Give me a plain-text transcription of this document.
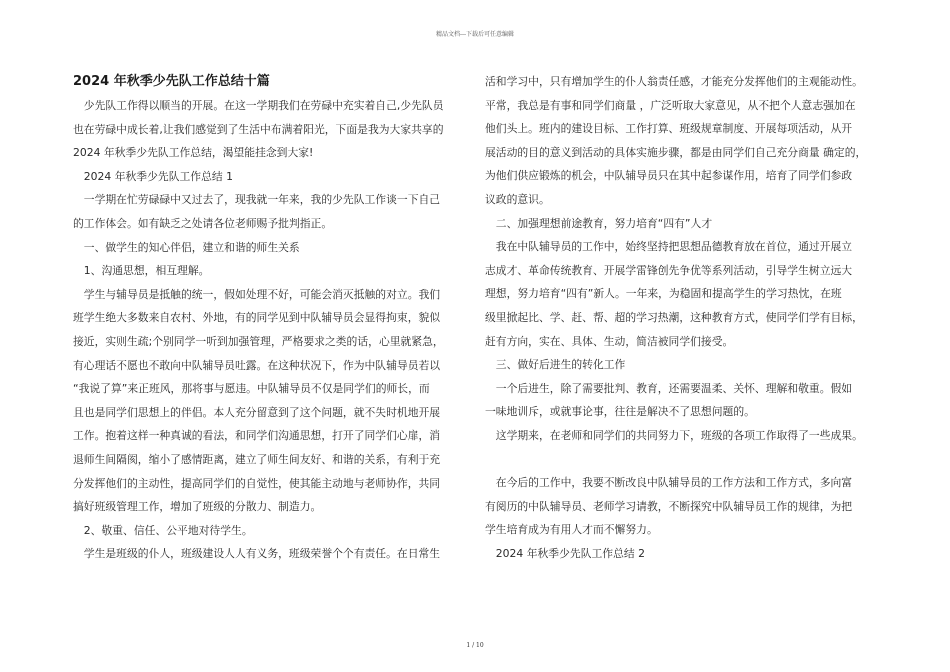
精品文档---下载后可任意编辑
2024 年秋季少先队工作总结十篇
　少先队工作得以顺当的开展。在这一学期我们在劳碌中充实着自己,少先队员
也在劳碌中成长着,让我们感觉到了生活中布满着阳光，下面是我为大家共享的
2024 年秋季少先队工作总结，渴望能挂念到大家!
　2024 年秋季少先队工作总结 1
　一学期在忙劳碌碌中又过去了，现我就一年来，我的少先队工作谈一下自己
的工作体会。如有缺乏之处请各位老师赐予批判指正。
　一、做学生的知心伴侣，建立和谐的师生关系
　1、沟通思想，相互理解。
　学生与辅导员是抵触的统一，假如处理不好，可能会消灭抵触的对立。我们
班学生绝大多数来自农村、外地，有的同学见到中队辅导员会显得拘束，貌似
接近，实则生疏;个别同学一听到加强管理，严格要求之类的话，心里就紧急，
有心理话不愿也不敢向中队辅导员吐露。在这种状况下，作为中队辅导员若以
“我说了算”来正班风，那将事与愿违。中队辅导员不仅是同学们的师长，而
且也是同学们思想上的伴侣。本人充分留意到了这个问题，就不失时机地开展
工作。抱着这样一种真诚的看法，和同学们沟通思想，打开了同学们心扉，消
退师生间隔阂，缩小了感情距离，建立了师生间友好、和谐的关系，有利于充
分发挥他们的主动性，提高同学们的自觉性，使其能主动地与老师协作，共同
搞好班级管理工作，增加了班级的分散力、制造力。
　2、敬重、信任、公平地对待学生。
　学生是班级的仆人，班级建设人人有义务，班级荣誉个个有责任。在日常生
活和学习中，只有增加学生的仆人翁责任感，才能充分发挥他们的主观能动性。
平常，我总是有事和同学们商量 ，广泛听取大家意见，从不把个人意志强加在
他们头上。班内的建设目标、工作打算、班级规章制度、开展每项活动，从开
展活动的目的意义到活动的具体实施步骤，都是由同学们自己充分商量 确定的，
为他们供应锻炼的机会，中队辅导员只在其中起参谋作用，培育了同学们参政
议政的意识。
　二、加强理想前途教育，努力培育“四有”人才
　我在中队辅导员的工作中，始终坚持把思想品德教育放在首位，通过开展立
志成才、革命传统教育、开展学雷锋创先争优等系列活动，引导学生树立远大
理想，努力培育“四有”新人。一年来，为稳固和提高学生的学习热忱，在班
级里掀起比、学、赶、帮、超的学习热潮，这种教育方式，使同学们学有目标，
赶有方向，实在、具体、生动，简洁被同学们接受。
　三、做好后进生的转化工作
　一个后进生，除了需要批判、教育，还需要温柔、关怀、理解和敬重。假如
一味地训斥，或就事论事，往往是解决不了思想问题的。
　这学期来，在老师和同学们的共同努力下，班级的各项工作取得了一些成果。
　在今后的工作中，我要不断改良中队辅导员的工作方法和工作方式，多向富
有阅历的中队辅导员、老师学习请教，不断探究中队辅导员工作的规律，为把
学生培育成为有用人才而不懈努力。
　2024 年秋季少先队工作总结 2
1 / 10
